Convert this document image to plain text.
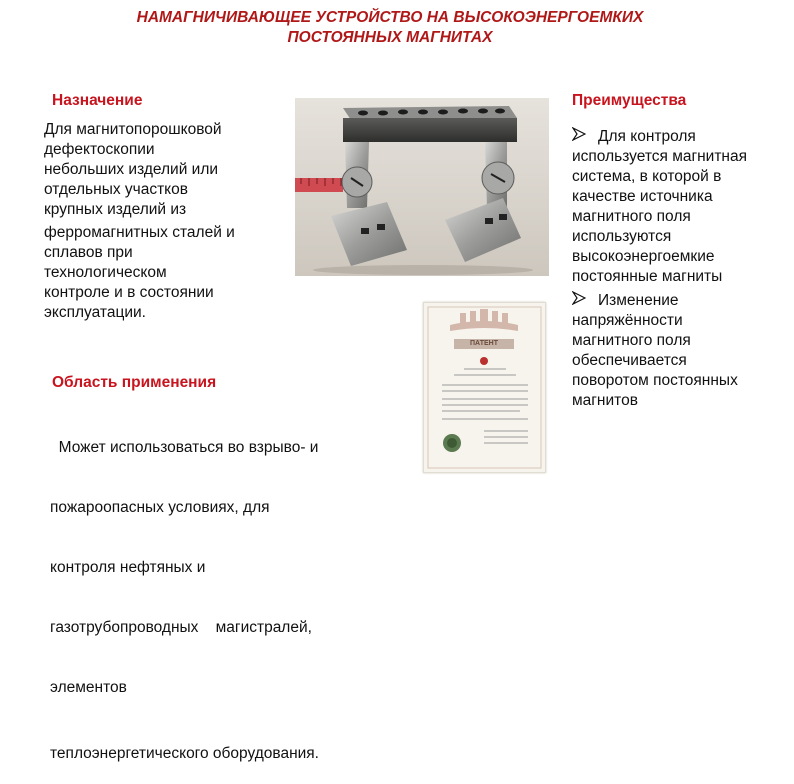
НАМАГНИЧИВАЮЩЕЕ УСТРОЙСТВО НА ВЫСОКОЭНЕРГОЕМКИХ
ПОСТОЯННЫХ МАГНИТАХ
Назначение
Для магнитопорошковой
дефектоскопии
небольших изделий или
отдельных участков
крупных изделий из
ферромагнитных сталей и
сплавов при
технологическом
контроле и в состоянии
эксплуатации.
Область применения

Может использоваться во взрыво- и

пожароопасных условиях, для

контроля нефтяных и

газотрубопроводных    магистралей,

элементов

теплоэнергетического оборудования.

Преимущества
Для контроля
используется магнитная
система, в которой в
качестве источника
магнитного поля
используются
высокоэнергоемкие
постоянные магниты
Изменение
напряжённости
магнитного поля
обеспечивается
поворотом постоянных
магнитов
ПАТЕНТ
